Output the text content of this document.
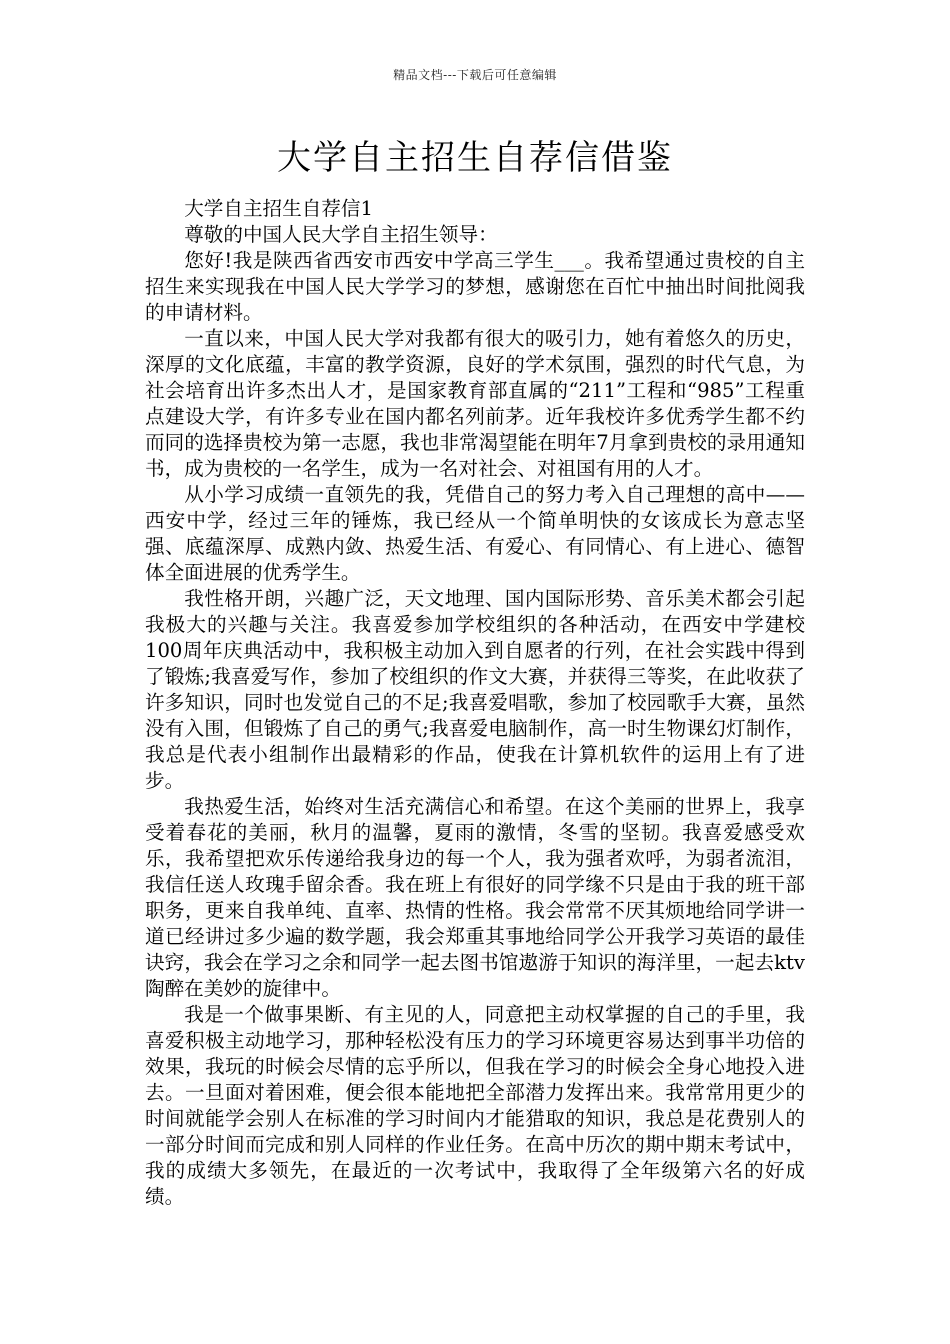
精品文档---下载后可任意编辑
大学自主招生自荐信借鉴

大学自主招生自荐信1

尊敬的中国人民大学自主招生领导：

您好!我是陕西省西安市西安中学高三学生___。我希望通过贵校的自主招生来实现我在中国人民大学学习的梦想，感谢您在百忙中抽出时间批阅我的申请材料。

一直以来，中国人民大学对我都有很大的吸引力，她有着悠久的历史，深厚的文化底蕴，丰富的教学资源，良好的学术氛围，强烈的时代气息，为社会培育出许多杰出人才，是国家教育部直属的“211”工程和“985”工程重点建设大学，有许多专业在国内都名列前茅。近年我校许多优秀学生都不约而同的选择贵校为第一志愿，我也非常渴望能在明年7月拿到贵校的录用通知书，成为贵校的一名学生，成为一名对社会、对祖国有用的人才。

从小学习成绩一直领先的我，凭借自己的努力考入自己理想的高中——西安中学，经过三年的锤炼，我已经从一个简单明快的女该成长为意志坚强、底蕴深厚、成熟内敛、热爱生活、有爱心、有同情心、有上进心、德智体全面进展的优秀学生。

我性格开朗，兴趣广泛，天文地理、国内国际形势、音乐美术都会引起我极大的兴趣与关注。我喜爱参加学校组织的各种活动，在西安中学建校100周年庆典活动中，我积极主动加入到自愿者的行列，在社会实践中得到了锻炼;我喜爱写作，参加了校组织的作文大赛，并获得三等奖，在此收获了许多知识，同时也发觉自己的不足;我喜爱唱歌，参加了校园歌手大赛，虽然没有入围，但锻炼了自己的勇气;我喜爱电脑制作，高一时生物课幻灯制作，我总是代表小组制作出最精彩的作品，使我在计算机软件的运用上有了进步。

我热爱生活，始终对生活充满信心和希望。在这个美丽的世界上，我享受着春花的美丽，秋月的温馨，夏雨的激情，冬雪的坚韧。我喜爱感受欢乐，我希望把欢乐传递给我身边的每一个人，我为强者欢呼，为弱者流泪，我信任送人玫瑰手留余香。我在班上有很好的同学缘不只是由于我的班干部职务，更来自我单纯、直率、热情的性格。我会常常不厌其烦地给同学讲一道已经讲过多少遍的数学题，我会郑重其事地给同学公开我学习英语的最佳诀窍，我会在学习之余和同学一起去图书馆遨游于知识的海洋里，一起去ktv陶醉在美妙的旋律中。

我是一个做事果断、有主见的人，同意把主动权掌握的自己的手里，我喜爱积极主动地学习，那种轻松没有压力的学习环境更容易达到事半功倍的效果，我玩的时候会尽情的忘乎所以，但我在学习的时候会全身心地投入进去。一旦面对着困难，便会很本能地把全部潜力发挥出来。我常常用更少的时间就能学会别人在标准的学习时间内才能猎取的知识，我总是花费别人的一部分时间而完成和别人同样的作业任务。在高中历次的期中期末考试中，我的成绩大多领先，在最近的一次考试中，我取得了全年级第六名的好成绩。
